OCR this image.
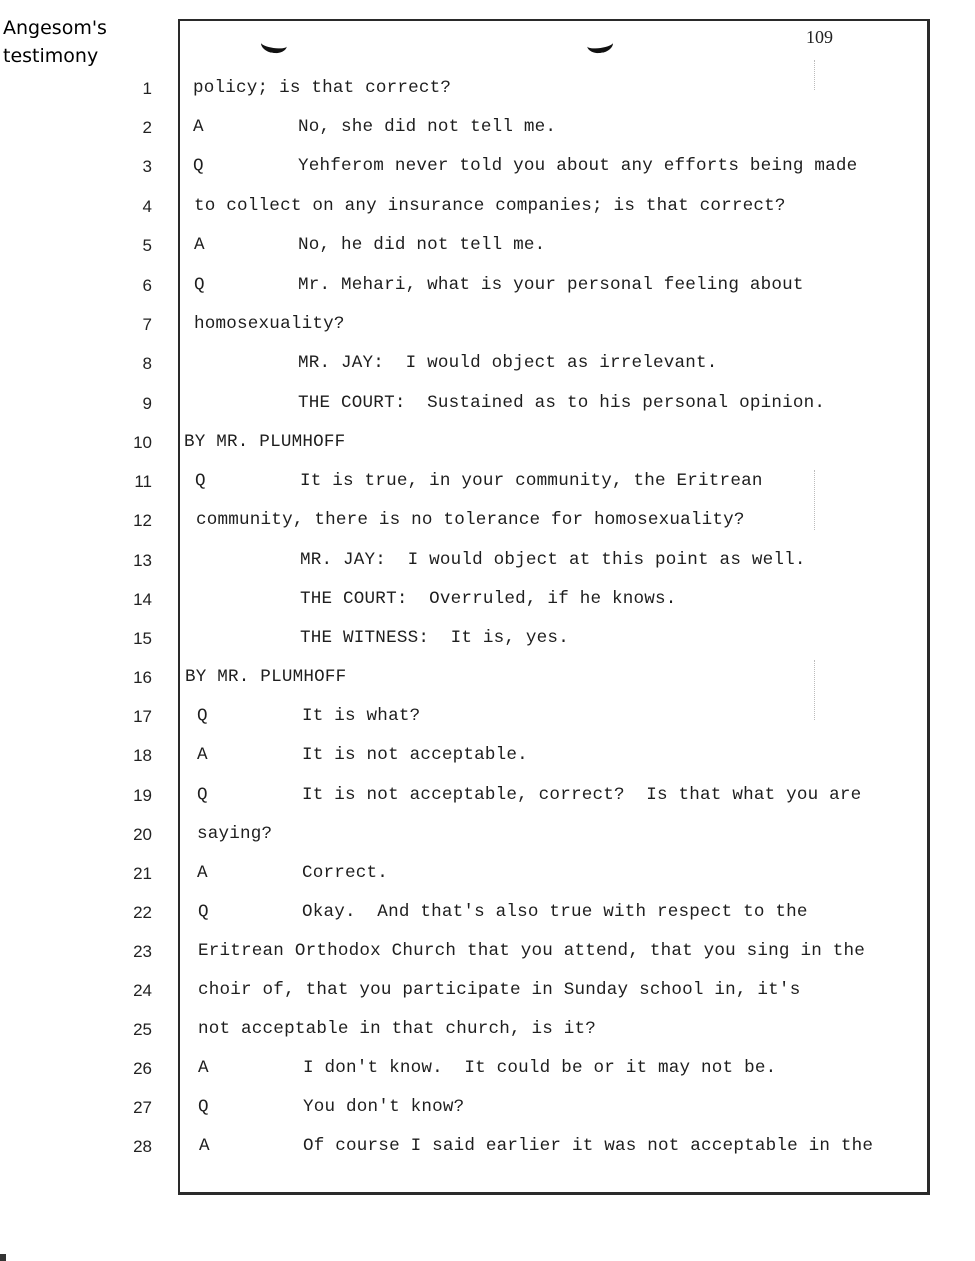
Angesom's
testimony
109
1 policy; is that correct?
2 A	No, she did not tell me.
3 Q	Yehferom never told you about any efforts being made
4 to collect on any insurance companies; is that correct?
5 A	No, he did not tell me.
6 Q	Mr. Mehari, what is your personal feeling about
7 homosexuality?
8	MR. JAY:  I would object as irrelevant.
9	THE COURT:  Sustained as to his personal opinion.
10 BY MR. PLUMHOFF
11 Q	It is true, in your community, the Eritrean
12	community, there is no tolerance for homosexuality?
13	MR. JAY:  I would object at this point as well.
14	THE COURT:  Overruled, if he knows.
15	THE WITNESS:  It is, yes.
16 BY MR. PLUMHOFF
17	Q	It is what?
18	A	It is not acceptable.
19	Q	It is not acceptable, correct?  Is that what you are
20	saying?
21	A	Correct.
22	Q	Okay.  And that's also true with respect to the
23	Eritrean Orthodox Church that you attend, that you sing in the
24	choir of, that you participate in Sunday school in, it's
25	not acceptable in that church, is it?
26	A	I don't know.  It could be or it may not be.
27	Q	You don't know?
28	A	Of course I said earlier it was not acceptable in the
